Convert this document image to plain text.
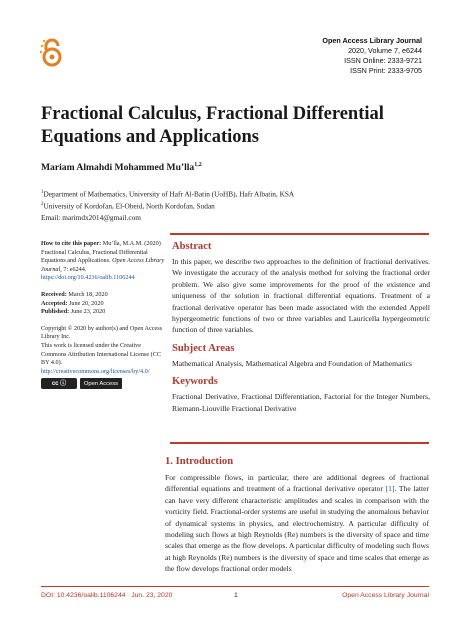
Open Access Library Journal
2020, Volume 7, e6244
ISSN Online: 2333-9721
ISSN Print: 2333-9705
Fractional Calculus, Fractional Differential
Equations and Applications
Mariam Almahdi Mohammed Mu’lla$^{1,2}$
$^1$Department of Mathematics, University of Hafr Al-Batin (UoHB), Hafr Albatin, KSA
$^2$University of Kordofan, El-Obeid, North Kordofan, Sudan
Email: marimdx2014@gmail.com
How to cite this paper: Mu’lla, M.A.M. (2020) Fractional Calculus, Fractional Differential Equations and Applications. Open Access Library Journal, 7: e6244.
https://doi.org/10.4236/oalib.1106244
Received: March 18, 2020
Accepted: June 20, 2020
Published: June 23, 2020
Copyright © 2020 by author(s) and Open Access Library Inc.
This work is licensed under the Creative Commons Attribution International License (CC BY 4.0).
http://creativecommons.org/licenses/by/4.0/
cc ⓘ	Open Access
Abstract
In this paper, we describe two approaches to the definition of fractional derivatives. We investigate the accuracy of the analysis method for solving the fractional order problem. We also give some improvements for the proof of the existence and uniqueness of the solution in fractional differential equations. Treatment of a fractional derivative operator has been made associated with the extended Appell hypergeometric functions of two or three variables and Lauricella hypergeometric function of three variables.
Subject Areas
Mathematical Analysis, Mathematical Algebra and Foundation of Mathematics
Keywords
Fractional Derivative, Fractional Differentiation, Factorial for the Integer Numbers, Riemann-Liouville Fractional Derivative
1. Introduction
For compressible flows, in particular, there are additional degrees of fractional differential equations and treatment of a fractional derivative operator [1]. The latter can have very different characteristic amplitudes and scales in comparison with the vorticity field. Fractional-order systems are useful in studying the anomalous behavior of dynamical systems in physics, and electrochemistry. A particular difficulty of modeling such flows at high Reynolds (Re) numbers is the diversity of space and time scales that emerge as the flow develops. A particular difficulty of modeling such flows at high Reynolds (Re) numbers is the diversity of space and time scales that emerge as the flow develops fractional order models
DOI: 10.4236/oalib.1106244 Jun. 23, 2020	1	Open Access Library Journal
